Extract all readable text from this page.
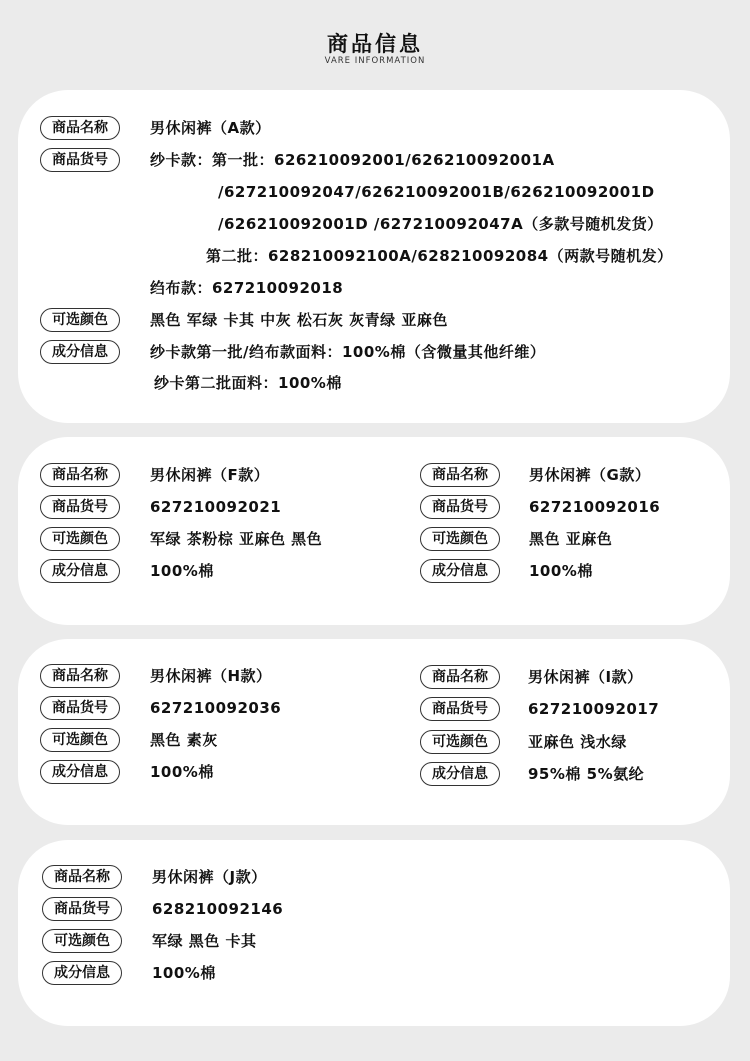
商品信息
VARE INFORMATION
商品名称	男休闲裤（A款）
商品货号	纱卡款：第一批：626210092001/626210092001A
/627210092047/626210092001B/626210092001D
/626210092001D /627210092047A（多款号随机发货）
第二批：628210092100A/628210092084（两款号随机发）
绉布款：627210092018
可选颜色	黑色 军绿 卡其 中灰 松石灰 灰青绿 亚麻色
成分信息	纱卡款第一批/绉布款面料：100%棉（含微量其他纤维）
纱卡第二批面料：100%棉
商品名称	男休闲裤（F款）
商品货号	627210092021
可选颜色	军绿 茶粉棕 亚麻色 黑色
成分信息	100%棉
商品名称	男休闲裤（G款）
商品货号	627210092016
可选颜色	黑色 亚麻色
成分信息	100%棉
商品名称	男休闲裤（H款）
商品货号	627210092036
可选颜色	黑色 素灰
成分信息	100%棉
商品名称	男休闲裤（I款）
商品货号	627210092017
可选颜色	亚麻色 浅水绿
成分信息	95%棉 5%氨纶
商品名称	男休闲裤（J款）
商品货号	628210092146
可选颜色	军绿 黑色 卡其
成分信息	100%棉
